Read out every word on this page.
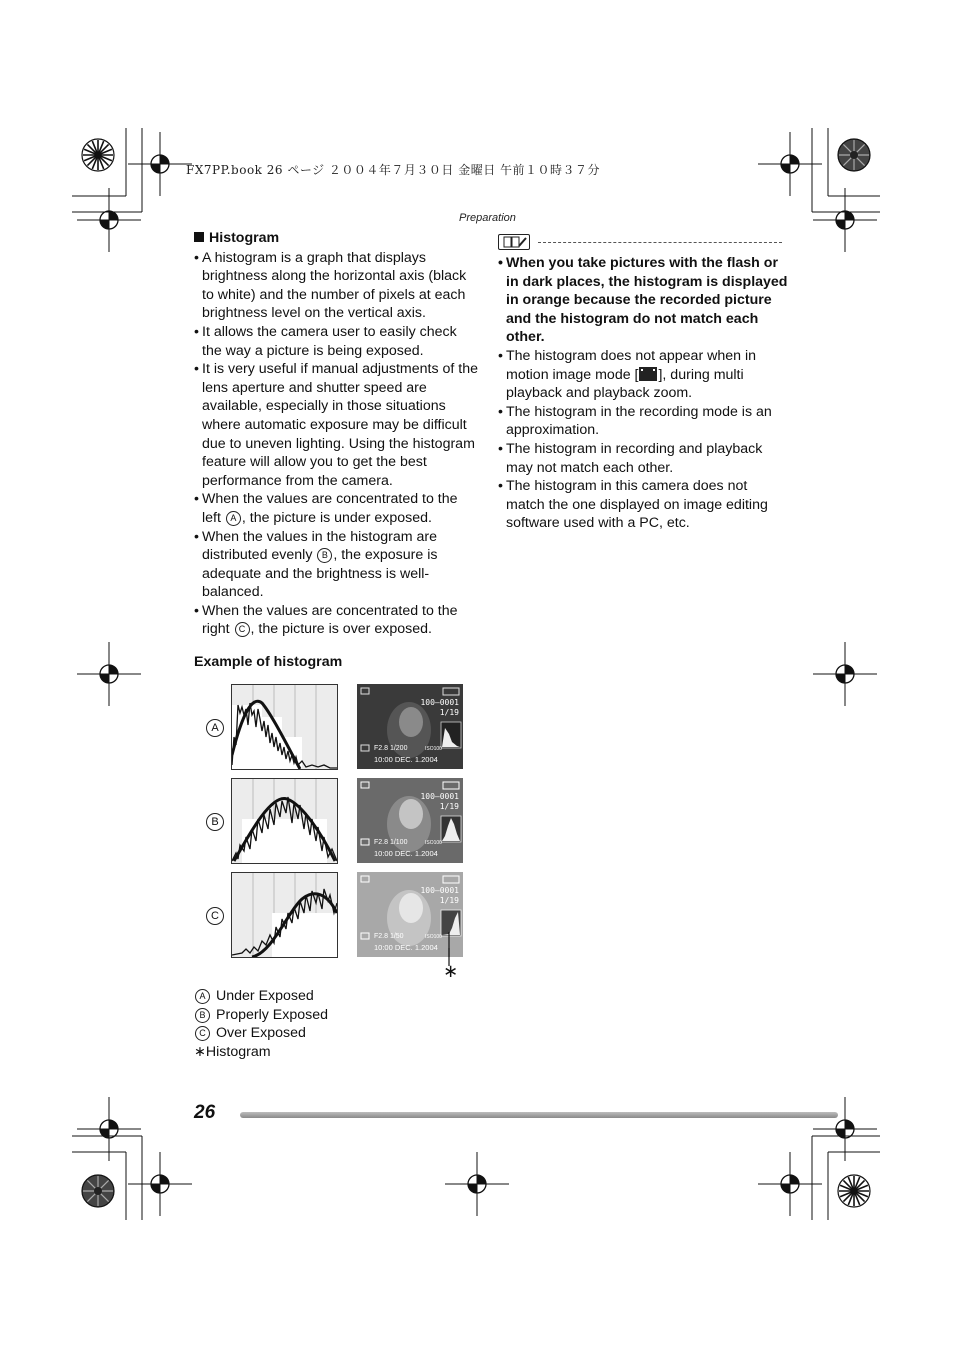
FX7PP.book 26 ページ ２００４年７月３０日 金曜日 午前１０時３７分
Preparation
Histogram
• A histogram is a graph that displays brightness along the horizontal axis (black to white) and the number of pixels at each brightness level on the vertical axis.
• It allows the camera user to easily check the way a picture is being exposed.
• It is very useful if manual adjustments of the lens aperture and shutter speed are available, especially in those situations where automatic exposure may be difficult due to uneven lighting. Using the histogram feature will allow you to get the best performance from the camera.
• When the values are concentrated to the left A , the picture is under exposed.
• When the values in the histogram are distributed evenly B , the exposure is adequate and the brightness is well-balanced.
• When the values are concentrated to the right C , the picture is over exposed.
• When you take pictures with the flash or in dark places, the histogram is displayed in orange because the recorded picture and the histogram do not match each other.
• The histogram does not appear when in motion image mode [ ], during multi playback and playback zoom.
• The histogram in the recording mode is an approximation.
• The histogram in recording and playback may not match each other.
• The histogram in this camera does not match the one displayed on image editing software used with a PC, etc.
Example of histogram
A
B
C
100–0001
1/19
F2.8 1/200	ISO100
10:00 DEC. 1.2004
100–0001
1/19
F2.8 1/100	ISO100
10:00 DEC. 1.2004
100–0001
1/19
F2.8 1/50	ISO100
10:00 DEC. 1.2004
∗
A Under Exposed
B Properly Exposed
C Over Exposed
∗Histogram
26
